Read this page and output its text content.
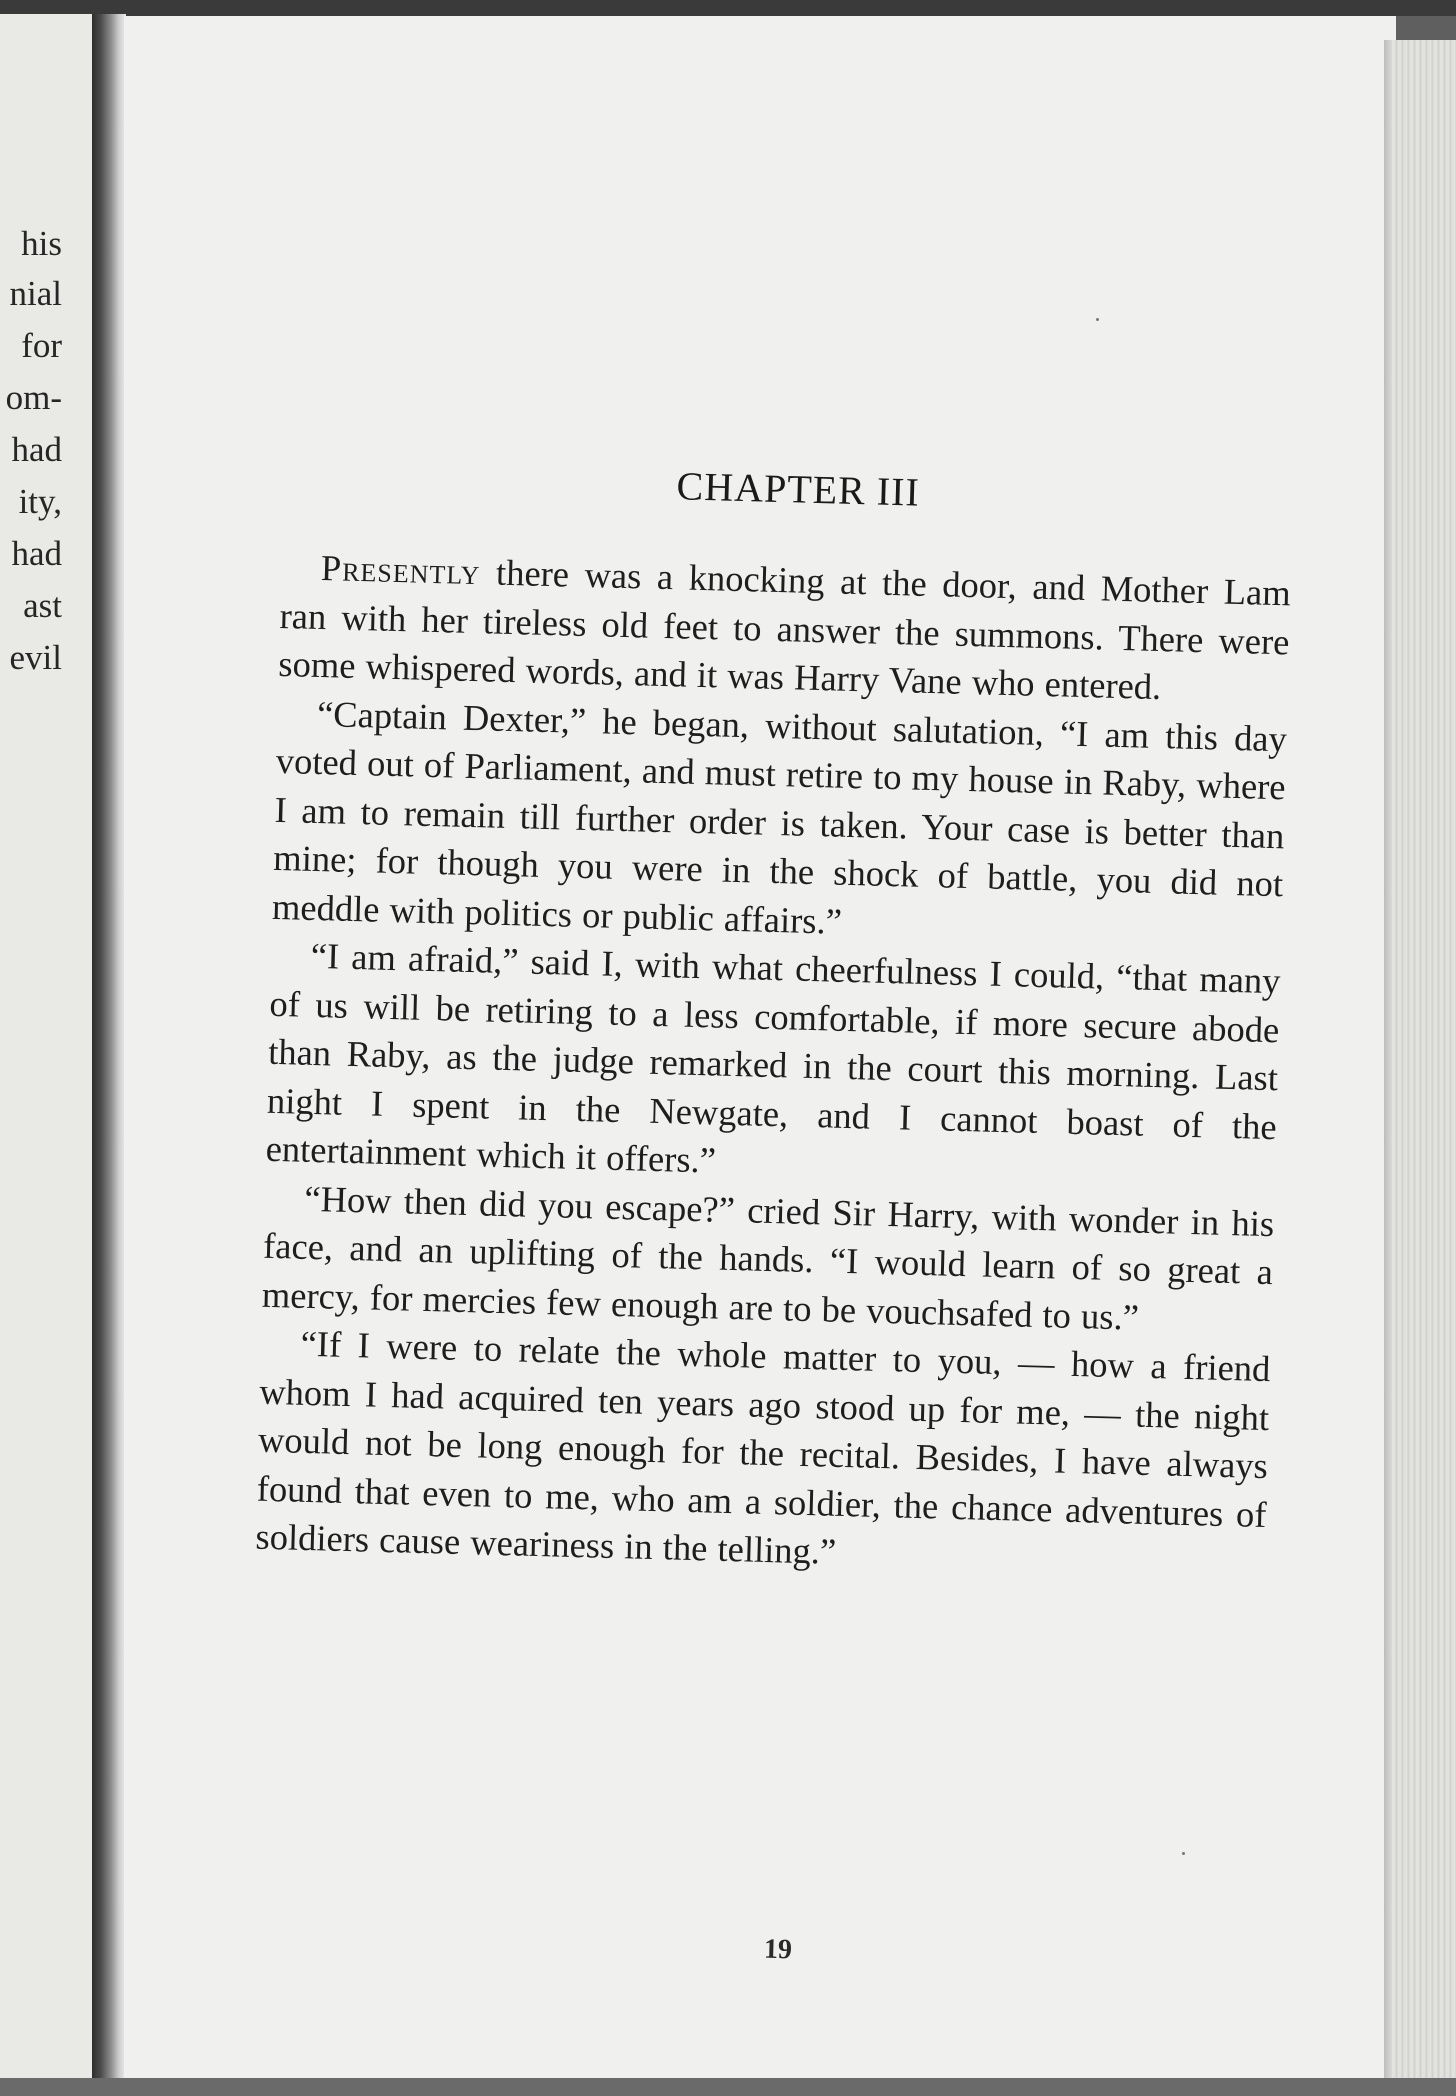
his
nial
for
om-
had
ity,
had
ast
evil
CHAPTER III

Presently there was a knocking at the door, and Mother Lam ran with her tireless old feet to answer the summons. There were some whispered words, and it was Harry Vane who entered.

“Captain Dexter,” he began, without salutation, “I am this day voted out of Parliament, and must retire to my house in Raby, where I am to remain till further order is taken. Your case is better than mine; for though you were in the shock of battle, you did not meddle with politics or public affairs.”

“I am afraid,” said I, with what cheerfulness I could, “that many of us will be retiring to a less comfortable, if more secure abode than Raby, as the judge remarked in the court this morning. Last night I spent in the Newgate, and I cannot boast of the entertainment which it offers.”

“How then did you escape?” cried Sir Harry, with wonder in his face, and an uplifting of the hands. “I would learn of so great a mercy, for mercies few enough are to be vouchsafed to us.”

“If I were to relate the whole matter to you, — how a friend whom I had acquired ten years ago stood up for me, — the night would not be long enough for the recital. Besides, I have always found that even to me, who am a soldier, the chance adventures of soldiers cause weariness in the telling.”

19
